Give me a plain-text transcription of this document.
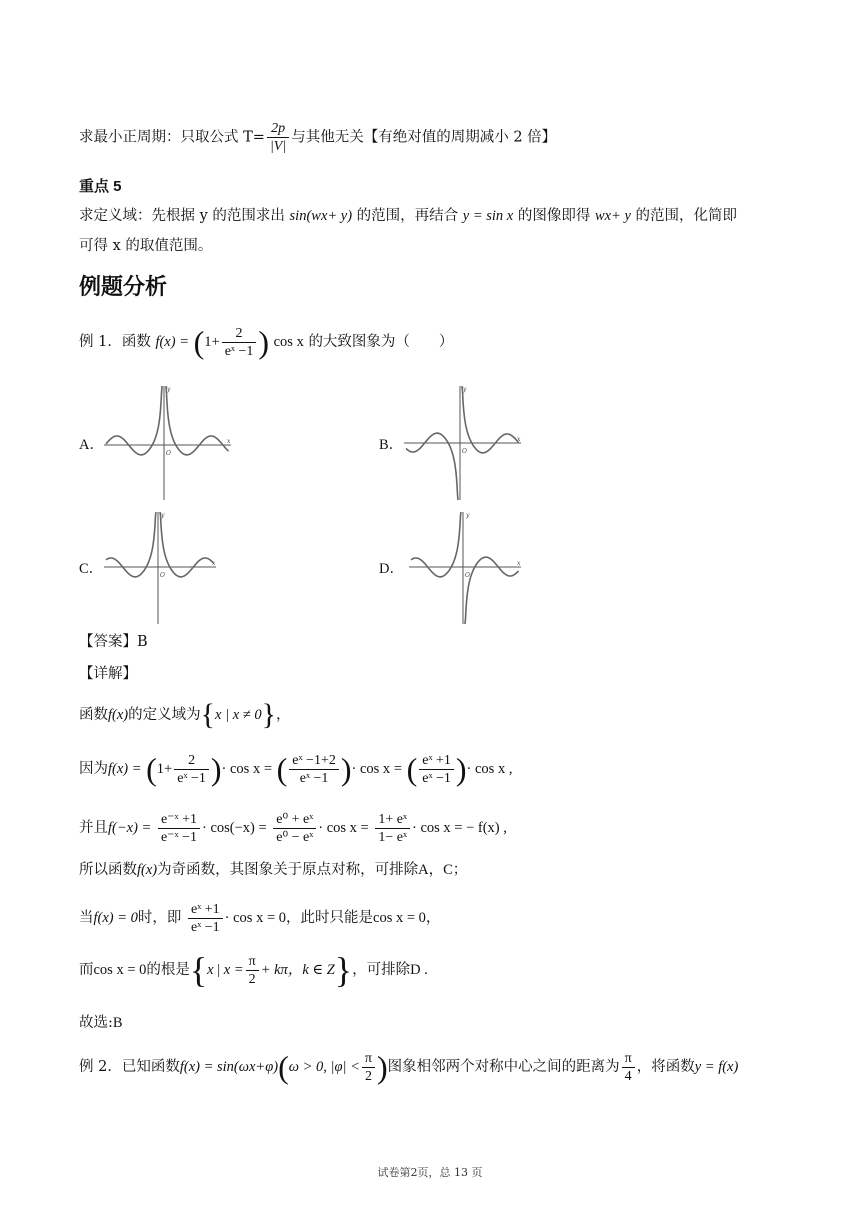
求最小正周期：只取公式 $T= \frac{2p}{|V|}$ 与其他无关【有绝对值的周期减小 2 倍】
重点 5
求定义域：先根据 y 的范围求出 sin(wx+ y) 的范围，再结合 y = sin x 的图像即得 wx+ y 的范围，化简即
可得 x 的取值范围。
例题分析
例 1．函数 $f(x) = (1+ \frac{2}{\text{eˣ −1}}$ ) cos x 的大致图象为（　　）
A．	B．
C．	D．
y
x
O
y
x
O
y
x
O
y
x
O
【答案】B
【详解】
函数f(x)的定义域为{x | x ≠ 0}，
因为$f(x) = (1+ \frac{2}{\text{eˣ −1}}$ )· cos x = ( $\frac{\text{eˣ −1+2}}{\text{eˣ −1}}$ )· cos x = ( $\frac{\text{eˣ +1}}{\text{eˣ −1}}$ )· cos x ,
并且$f(-x) = \frac{\text{e⁻ˣ +1}}{\text{e⁻ˣ −1}} \cdot \cos(-x) = \frac{\text{e⁰ + eˣ}}{\text{e⁰ − eˣ}} \cdot \cos x = \frac{\text{1+ eˣ}}{\text{1− eˣ}} \cdot \cos x$ = − f(x) ,
所以函数f(x)为奇函数，其图象关于原点对称，可排除A，C；
当f(x) = 0时，即 $\frac{\text{eˣ +1}}{\text{eˣ −1}} \cdot \cos x = 0$，此时只能是cos x = 0，
而cos x = 0的根是{x | $x = \frac{\pi}{2} + k\pi$，k ∈ Z}，可排除D .
故选:B
例 2．已知函数f(x) = sin(ωx+φ)(ω > 0, $|\varphi| < \frac{\pi}{2}$ )图象相邻两个对称中心之间的距离为 $\frac{\pi}{4}$ ，将函数y = f(x)
试卷第2页，总 13 页
